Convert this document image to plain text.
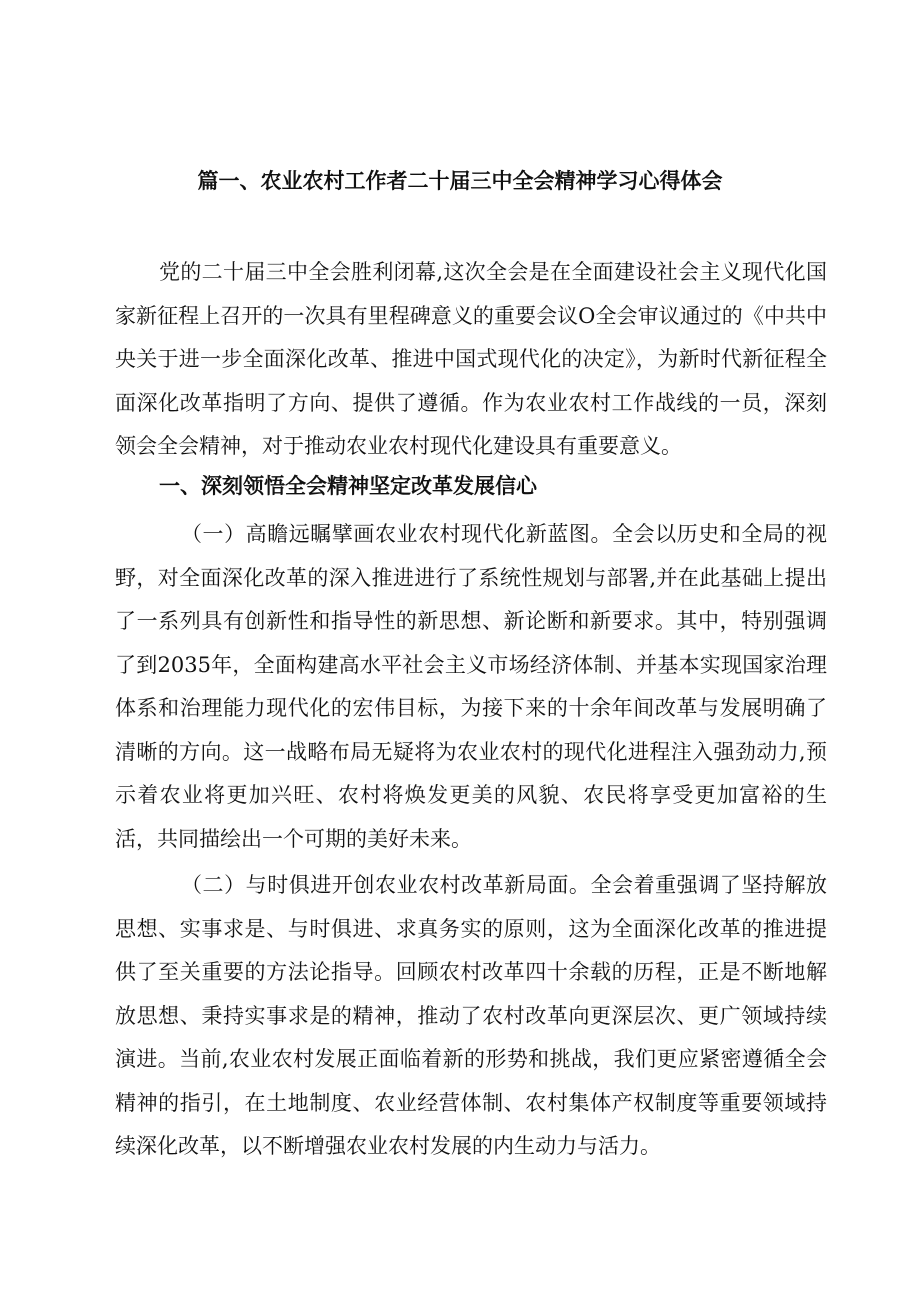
篇一、农业农村工作者二十届三中全会精神学习心得体会

党的二十届三中全会胜利闭幕,这次全会是在全面建设社会主义现代化国家新征程上召开的一次具有里程碑意义的重要会议O全会审议通过的《中共中央关于进一步全面深化改革、推进中国式现代化的决定》，为新时代新征程全面深化改革指明了方向、提供了遵循。作为农业农村工作战线的一员，深刻领会全会精神，对于推动农业农村现代化建设具有重要意义。

一、深刻领悟全会精神坚定改革发展信心

（一）高瞻远瞩擘画农业农村现代化新蓝图。全会以历史和全局的视野，对全面深化改革的深入推进进行了系统性规划与部署,并在此基础上提出了一系列具有创新性和指导性的新思想、新论断和新要求。其中，特别强调了到2035年，全面构建高水平社会主义市场经济体制、并基本实现国家治理体系和治理能力现代化的宏伟目标，为接下来的十余年间改革与发展明确了清晰的方向。这一战略布局无疑将为农业农村的现代化进程注入强劲动力,预示着农业将更加兴旺、农村将焕发更美的风貌、农民将享受更加富裕的生活，共同描绘出一个可期的美好未来。

（二）与时俱进开创农业农村改革新局面。全会着重强调了坚持解放思想、实事求是、与时俱进、求真务实的原则，这为全面深化改革的推进提供了至关重要的方法论指导。回顾农村改革四十余载的历程，正是不断地解放思想、秉持实事求是的精神，推动了农村改革向更深层次、更广领域持续演进。当前,农业农村发展正面临着新的形势和挑战，我们更应紧密遵循全会精神的指引，在土地制度、农业经营体制、农村集体产权制度等重要领域持续深化改革，以不断增强农业农村发展的内生动力与活力。
